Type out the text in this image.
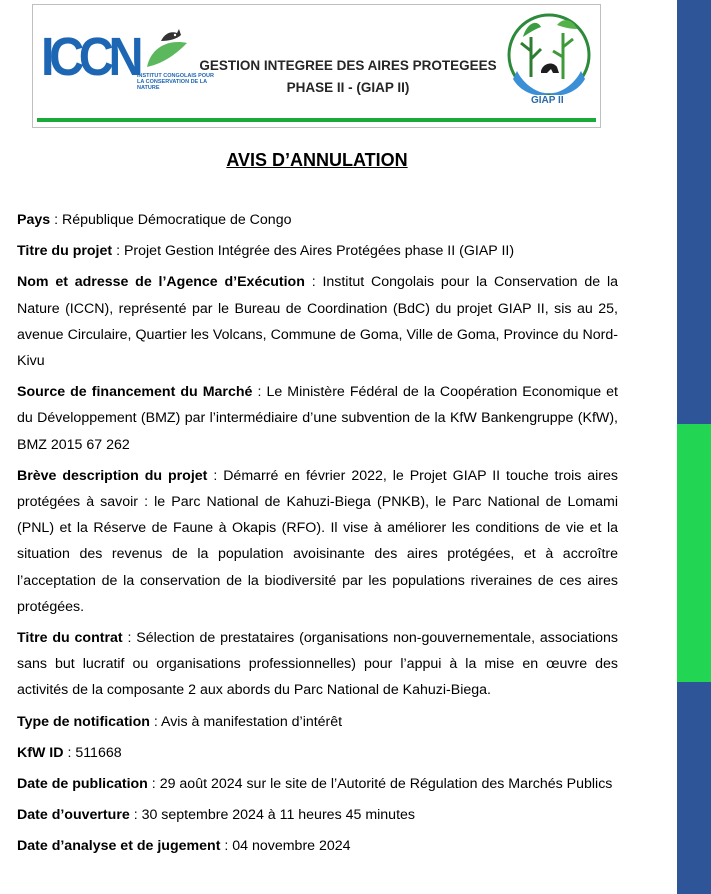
ICCN
INSTITUT CONGOLAIS POUR LA CONSERVATION DE LA NATURE
GESTION INTEGREE DES AIRES PROTEGEES
PHASE II - (GIAP II)
GIAP II
AVIS D’ANNULATION

Pays : République Démocratique de Congo

Titre du projet : Projet Gestion Intégrée des Aires Protégées phase II (GIAP II)

Nom et adresse de l’Agence d’Exécution : Institut Congolais pour la Conservation de la Nature (ICCN), représenté par le Bureau de Coordination (BdC) du projet GIAP II, sis au 25, avenue Circulaire, Quartier les Volcans, Commune de Goma, Ville de Goma, Province du Nord-Kivu

Source de financement du Marché : Le Ministère Fédéral de la Coopération Economique et du Développement (BMZ) par l’intermédiaire d’une subvention de la KfW Bankengruppe (KfW), BMZ 2015 67 262

Brève description du projet : Démarré en février 2022, le Projet GIAP II touche trois aires protégées à savoir : le Parc National de Kahuzi-Biega (PNKB), le Parc National de Lomami (PNL) et la Réserve de Faune à Okapis (RFO). Il vise à améliorer les conditions de vie et la situation des revenus de la population avoisinante des aires protégées, et à accroître l’acceptation de la conservation de la biodiversité par les populations riveraines de ces aires protégées.

Titre du contrat : Sélection de prestataires (organisations non-gouvernementale, associations sans but lucratif ou organisations professionnelles) pour l’appui à la mise en œuvre des activités de la composante 2 aux abords du Parc National de Kahuzi-Biega.

Type de notification : Avis à manifestation d’intérêt

KfW ID : 511668

Date de publication : 29 août 2024 sur le site de l’Autorité de Régulation des Marchés Publics

Date d’ouverture : 30 septembre 2024 à 11 heures 45 minutes

Date d’analyse et de jugement : 04 novembre 2024
